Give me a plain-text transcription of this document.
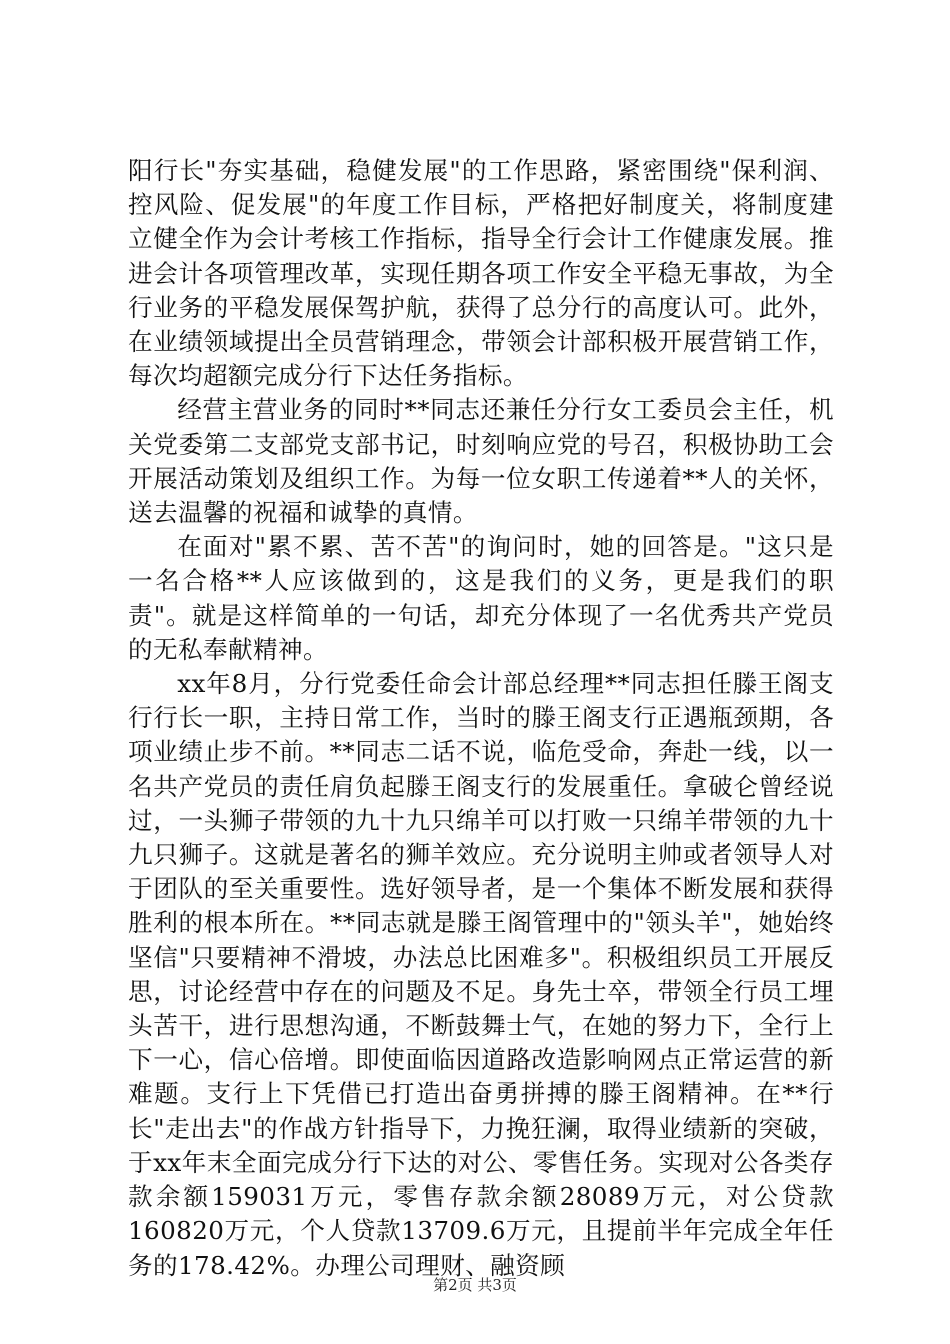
阳行长"夯实基础，稳健发展"的工作思路，紧密围绕"保利润、控风险、促发展"的年度工作目标，严格把好制度关，将制度建立健全作为会计考核工作指标，指导全行会计工作健康发展。推进会计各项管理改革，实现任期各项工作安全平稳无事故，为全行业务的平稳发展保驾护航，获得了总分行的高度认可。此外，在业绩领域提出全员营销理念，带领会计部积极开展营销工作，每次均超额完成分行下达任务指标。

经营主营业务的同时**同志还兼任分行女工委员会主任，机关党委第二支部党支部书记，时刻响应党的号召，积极协助工会开展活动策划及组织工作。为每一位女职工传递着**人的关怀，送去温馨的祝福和诚挚的真情。

在面对"累不累、苦不苦"的询问时，她的回答是。"这只是一名合格**人应该做到的，这是我们的义务，更是我们的职责"。就是这样简单的一句话，却充分体现了一名优秀共产党员的无私奉献精神。

xx年8月，分行党委任命会计部总经理**同志担任滕王阁支行行长一职，主持日常工作，当时的滕王阁支行正遇瓶颈期，各项业绩止步不前。**同志二话不说，临危受命，奔赴一线，以一名共产党员的责任肩负起滕王阁支行的发展重任。拿破仑曾经说过，一头狮子带领的九十九只绵羊可以打败一只绵羊带领的九十九只狮子。这就是著名的狮羊效应。充分说明主帅或者领导人对于团队的至关重要性。选好领导者，是一个集体不断发展和获得胜利的根本所在。**同志就是滕王阁管理中的"领头羊"，她始终坚信"只要精神不滑坡，办法总比困难多"。积极组织员工开展反思，讨论经营中存在的问题及不足。身先士卒，带领全行员工埋头苦干，进行思想沟通，不断鼓舞士气，在她的努力下，全行上下一心，信心倍增。即使面临因道路改造影响网点正常运营的新难题。支行上下凭借已打造出奋勇拼搏的滕王阁精神。在**行长"走出去"的作战方针指导下，力挽狂澜，取得业绩新的突破，于xx年末全面完成分行下达的对公、零售任务。实现对公各类存款余额159031万元，零售存款余额28089万元，对公贷款160820万元，个人贷款13709.6万元，且提前半年完成全年任务的178.42%。办理公司理财、融资顾

第2页 共3页
